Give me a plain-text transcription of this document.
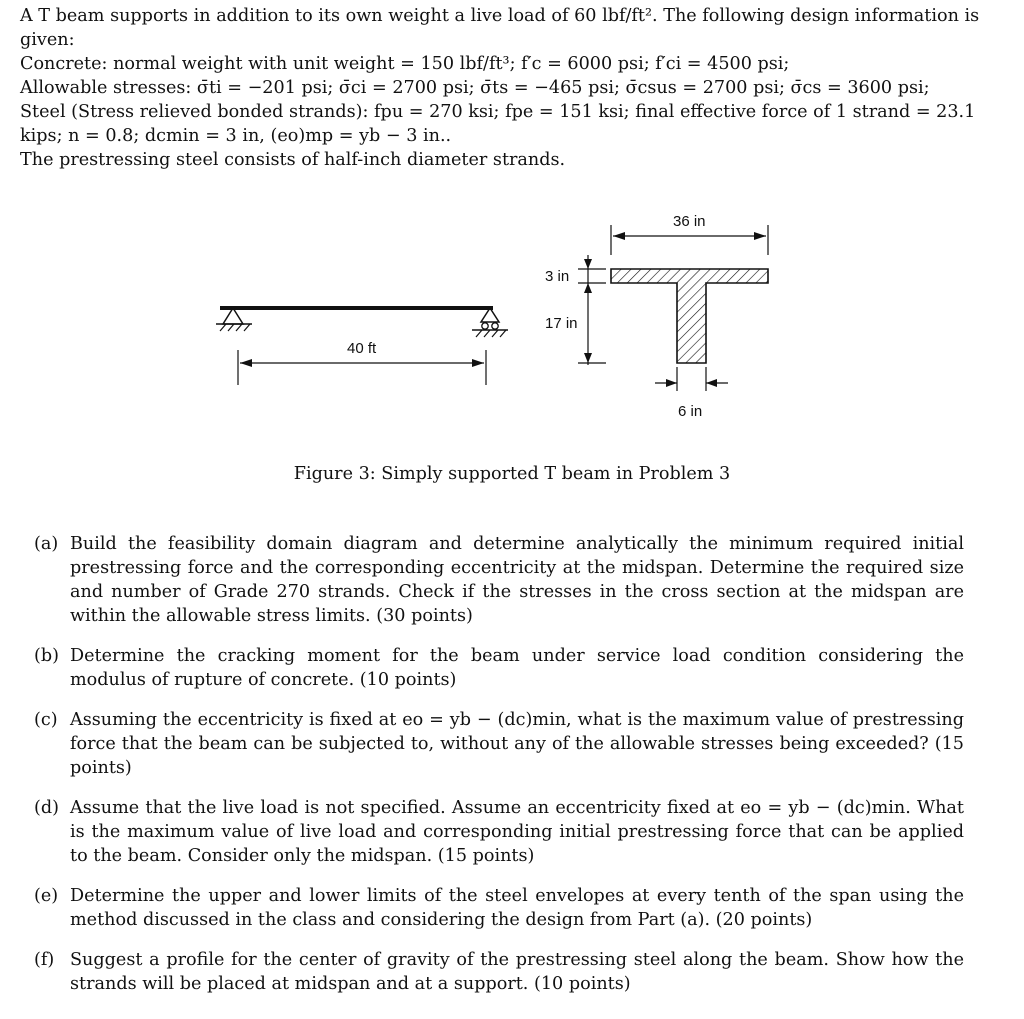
A T beam supports in addition to its own weight a live load of 60 lbf/ft². The following design information is given:

Concrete: normal weight with unit weight = 150 lbf/ft³; f′c = 6000 psi; f′ci = 4500 psi;

Allowable stresses: σ̄ti = −201 psi; σ̄ci = 2700 psi; σ̄ts = −465 psi; σ̄csus = 2700 psi; σ̄cs = 3600 psi;

Steel (Stress relieved bonded strands): fpu = 270 ksi; fpe = 151 ksi; final effective force of 1 strand = 23.1 kips; n = 0.8; dcmin = 3 in, (eo)mp = yb − 3 in..

The prestressing steel consists of half-inch diameter strands.

40 ft
36 in
3 in
17 in
6 in
Figure 3: Simply supported T beam in Problem 3
(a) Build the feasibility domain diagram and determine analytically the minimum required initial prestressing force and the corresponding eccentricity at the midspan. Determine the required size and number of Grade 270 strands. Check if the stresses in the cross section at the midspan are within the allowable stress limits. (30 points)
(b) Determine the cracking moment for the beam under service load condition considering the modulus of rupture of concrete. (10 points)
(c) Assuming the eccentricity is fixed at eo = yb − (dc)min, what is the maximum value of prestressing force that the beam can be subjected to, without any of the allowable stresses being exceeded? (15 points)
(d) Assume that the live load is not specified. Assume an eccentricity fixed at eo = yb − (dc)min. What is the maximum value of live load and corresponding initial prestressing force that can be applied to the beam. Consider only the midspan. (15 points)
(e) Determine the upper and lower limits of the steel envelopes at every tenth of the span using the method discussed in the class and considering the design from Part (a). (20 points)
(f) Suggest a profile for the center of gravity of the prestressing steel along the beam. Show how the strands will be placed at midspan and at a support. (10 points)
